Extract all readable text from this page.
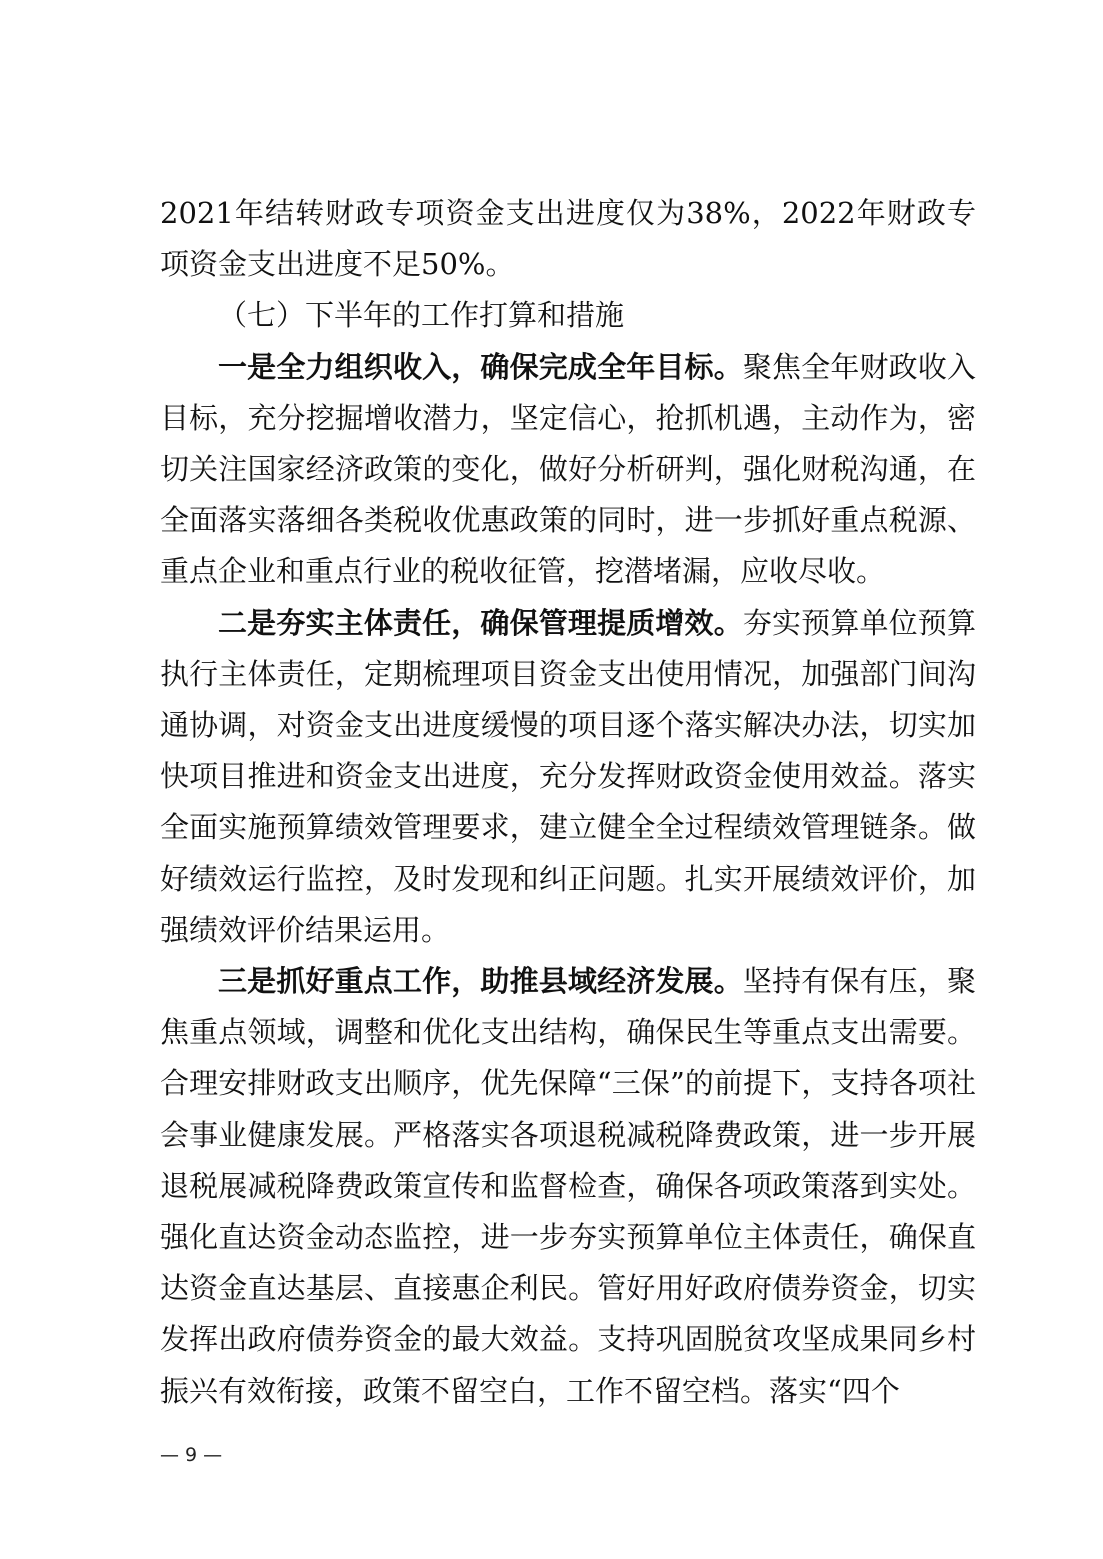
2021年结转财政专项资金支出进度仅为38%，2022年财政专项资金支出进度不足50%。

（七）下半年的工作打算和措施

一是全力组织收入，确保完成全年目标。聚焦全年财政收入目标，充分挖掘增收潜力，坚定信心，抢抓机遇，主动作为，密切关注国家经济政策的变化，做好分析研判，强化财税沟通，在全面落实落细各类税收优惠政策的同时，进一步抓好重点税源、重点企业和重点行业的税收征管，挖潜堵漏，应收尽收。

二是夯实主体责任，确保管理提质增效。夯实预算单位预算执行主体责任，定期梳理项目资金支出使用情况，加强部门间沟通协调，对资金支出进度缓慢的项目逐个落实解决办法，切实加快项目推进和资金支出进度，充分发挥财政资金使用效益。落实全面实施预算绩效管理要求，建立健全全过程绩效管理链条。做好绩效运行监控，及时发现和纠正问题。扎实开展绩效评价，加强绩效评价结果运用。

三是抓好重点工作，助推县域经济发展。坚持有保有压，聚焦重点领域，调整和优化支出结构，确保民生等重点支出需要。合理安排财政支出顺序，优先保障“三保”的前提下，支持各项社会事业健康发展。严格落实各项退税减税降费政策，进一步开展退税展减税降费政策宣传和监督检查，确保各项政策落到实处。强化直达资金动态监控，进一步夯实预算单位主体责任，确保直达资金直达基层、直接惠企利民。管好用好政府债券资金，切实发挥出政府债券资金的最大效益。支持巩固脱贫攻坚成果同乡村振兴有效衔接，政策不留空白，工作不留空档。落实“四个

— 9 —
